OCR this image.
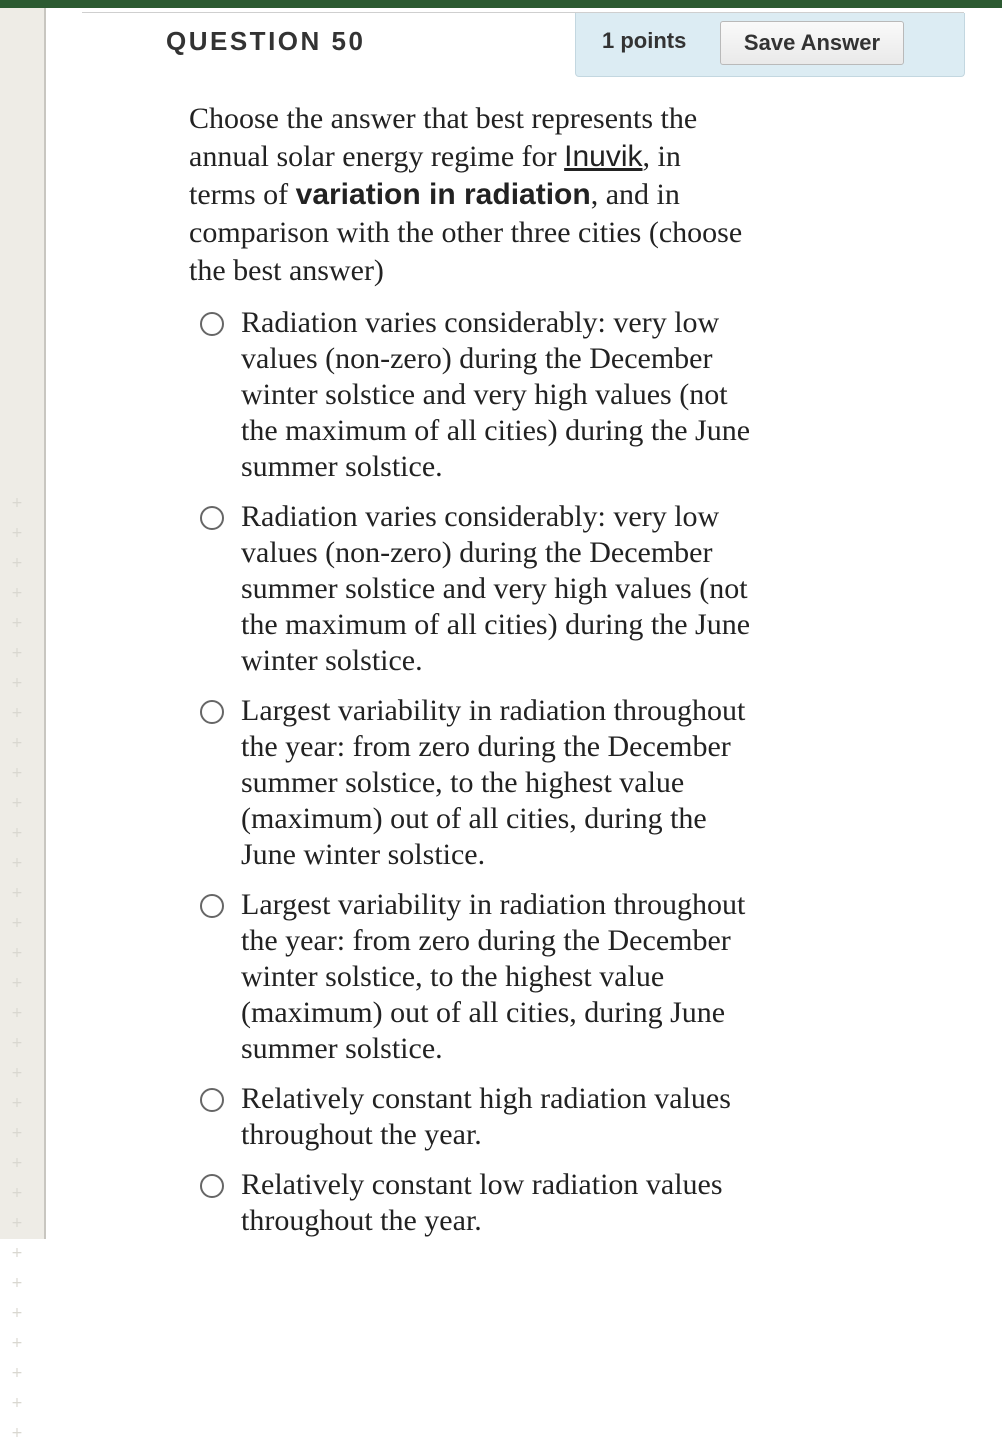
+ + + + + + + + + + + + + + + + + + + + + + + + + + + + + + + +
QUESTION 50	1 points	Save Answer
Choose the answer that best represents the annual solar energy regime for Inuvik, in terms of variation in radiation, and in comparison with the other three cities (choose the best answer)
Radiation varies considerably: very low values (non-zero) during the December winter solstice and very high values (not the maximum of all cities) during the June summer solstice.
Radiation varies considerably: very low values (non-zero) during the December summer solstice and very high values (not the maximum of all cities) during the June winter solstice.
Largest variability in radiation throughout the year: from zero during the December summer solstice, to the highest value (maximum) out of all cities, during the June winter solstice.
Largest variability in radiation throughout the year: from zero during the December winter solstice, to the highest value (maximum) out of all cities, during June summer solstice.
Relatively constant high radiation values throughout the year.
Relatively constant low radiation values throughout the year.
